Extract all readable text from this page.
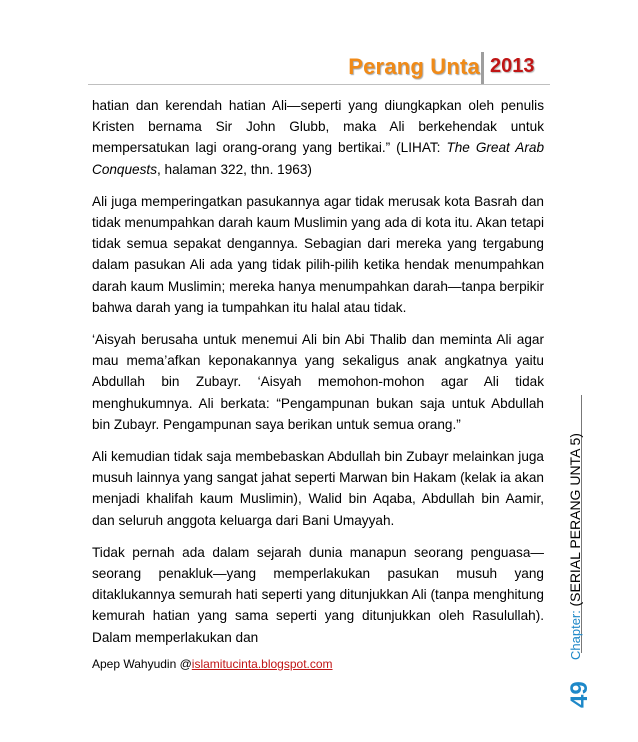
Perang Unta 2013

hatian dan kerendah hatian Ali—seperti yang diungkapkan oleh penulis Kristen bernama Sir John Glubb, maka Ali berkehendak untuk mempersatukan lagi orang-orang yang bertikai.” (LIHAT: The Great Arab Conquests, halaman 322, thn. 1963)

Ali juga memperingatkan pasukannya agar tidak merusak kota Basrah dan tidak menumpahkan darah kaum Muslimin yang ada di kota itu. Akan tetapi tidak semua sepakat dengannya. Sebagian dari mereka yang tergabung dalam pasukan Ali ada yang tidak pilih-pilih ketika hendak menumpahkan darah kaum Muslimin; mereka hanya menumpahkan darah—tanpa berpikir bahwa darah yang ia tumpahkan itu halal atau tidak.

‘Aisyah berusaha untuk menemui Ali bin Abi Thalib dan meminta Ali agar mau mema’afkan keponakannya yang sekaligus anak angkatnya yaitu Abdullah bin Zubayr. ‘Aisyah memohon-mohon agar Ali tidak menghukumnya. Ali berkata: “Pengampunan bukan saja untuk Abdullah bin Zubayr. Pengampunan saya berikan untuk semua orang.”

Ali kemudian tidak saja membebaskan Abdullah bin Zubayr melainkan juga musuh lainnya yang sangat jahat seperti Marwan bin Hakam (kelak ia akan menjadi khalifah kaum Muslimin), Walid bin Aqaba, Abdullah bin Aamir, dan seluruh anggota keluarga dari Bani Umayyah.

Tidak pernah ada dalam sejarah dunia manapun seorang penguasa—seorang penakluk—yang memperlakukan pasukan musuh yang ditaklukannya semurah hati seperti yang ditunjukkan Ali (tanpa menghitung kemurah hatian yang sama seperti yang ditunjukkan oleh Rasulullah). Dalam memperlakukan dan

Apep Wahyudin @islamitucinta.blogspot.com
Chapter: (SERIAL PERANG UNTA 5)
49
